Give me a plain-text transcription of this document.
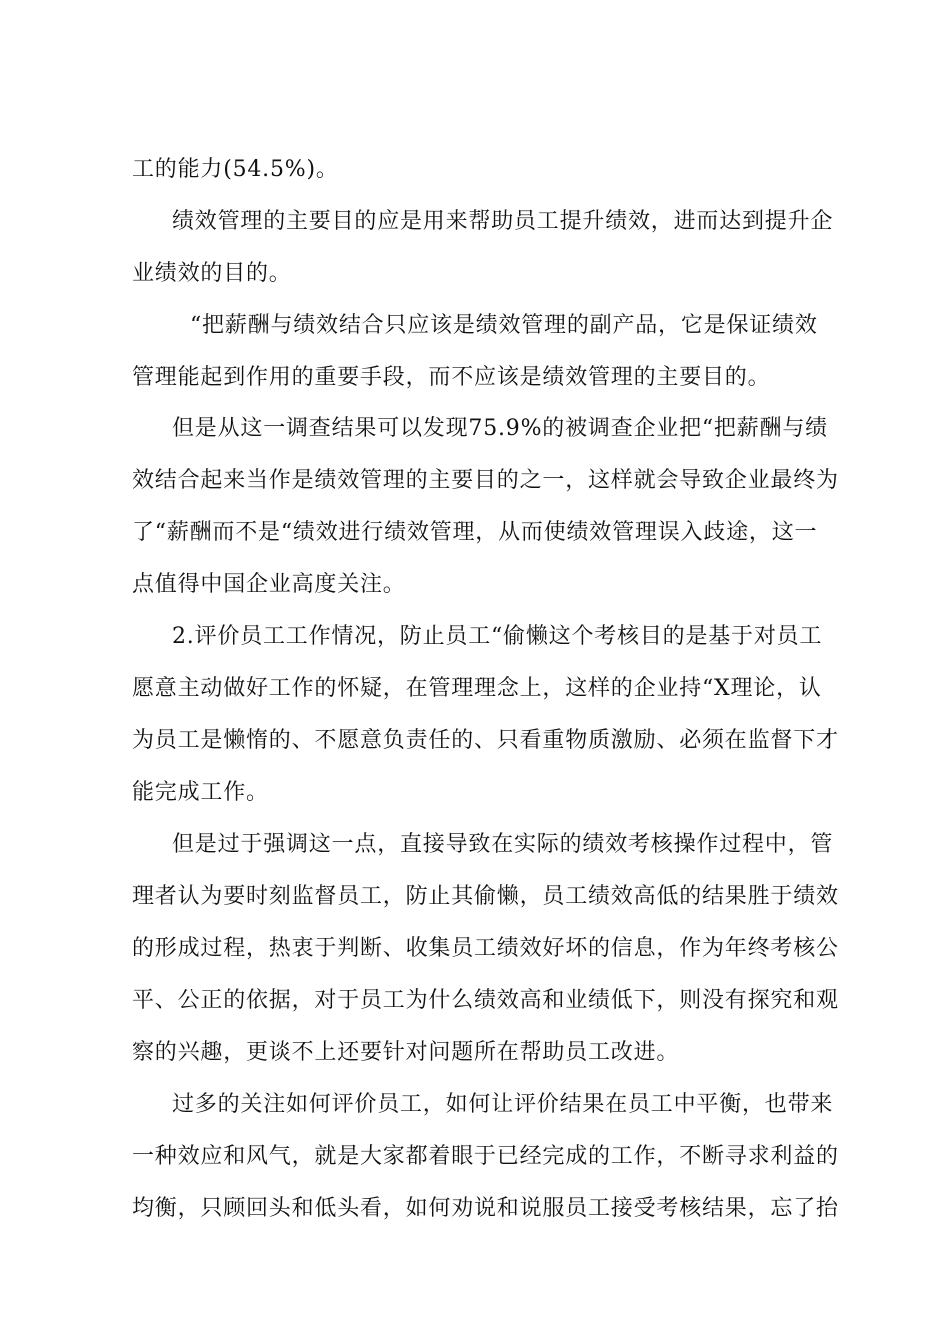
工的能力(54.5%)。
绩效管理的主要目的应是用来帮助员工提升绩效，进而达到提升企
业绩效的目的。
“把薪酬与绩效结合只应该是绩效管理的副产品，它是保证绩效
管理能起到作用的重要手段，而不应该是绩效管理的主要目的。
但是从这一调查结果可以发现75.9%的被调查企业把“把薪酬与绩
效结合起来当作是绩效管理的主要目的之一，这样就会导致企业最终为
了“薪酬而不是“绩效进行绩效管理，从而使绩效管理误入歧途，这一
点值得中国企业高度关注。
2.评价员工工作情况，防止员工“偷懒这个考核目的是基于对员工
愿意主动做好工作的怀疑，在管理理念上，这样的企业持“X理论，认
为员工是懒惰的、不愿意负责任的、只看重物质激励、必须在监督下才
能完成工作。
但是过于强调这一点，直接导致在实际的绩效考核操作过程中，管
理者认为要时刻监督员工，防止其偷懒，员工绩效高低的结果胜于绩效
的形成过程，热衷于判断、收集员工绩效好坏的信息，作为年终考核公
平、公正的依据，对于员工为什么绩效高和业绩低下，则没有探究和观
察的兴趣，更谈不上还要针对问题所在帮助员工改进。
过多的关注如何评价员工，如何让评价结果在员工中平衡，也带来
一种效应和风气，就是大家都着眼于已经完成的工作，不断寻求利益的
均衡，只顾回头和低头看，如何劝说和说服员工接受考核结果，忘了抬
